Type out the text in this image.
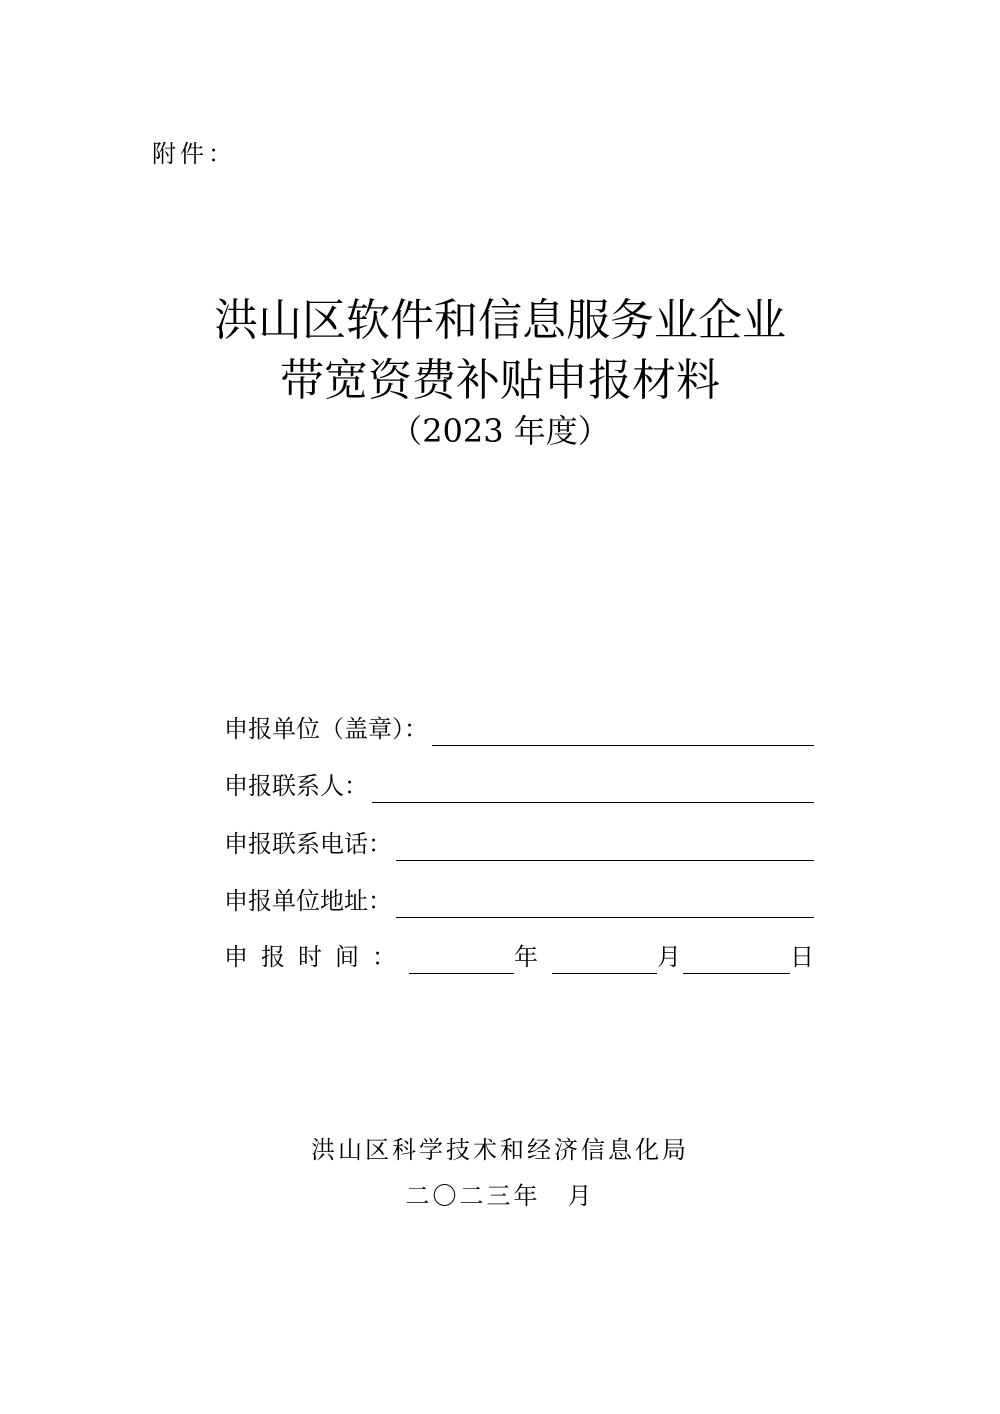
附件：
洪山区软件和信息服务业企业
带宽资费补贴申报材料
（2023 年度）
申报单位（盖章）：
申报联系人：
申报联系电话：
申报单位地址：
申报时间：	年	月	日
洪山区科学技术和经济信息化局
二〇二三年　月
